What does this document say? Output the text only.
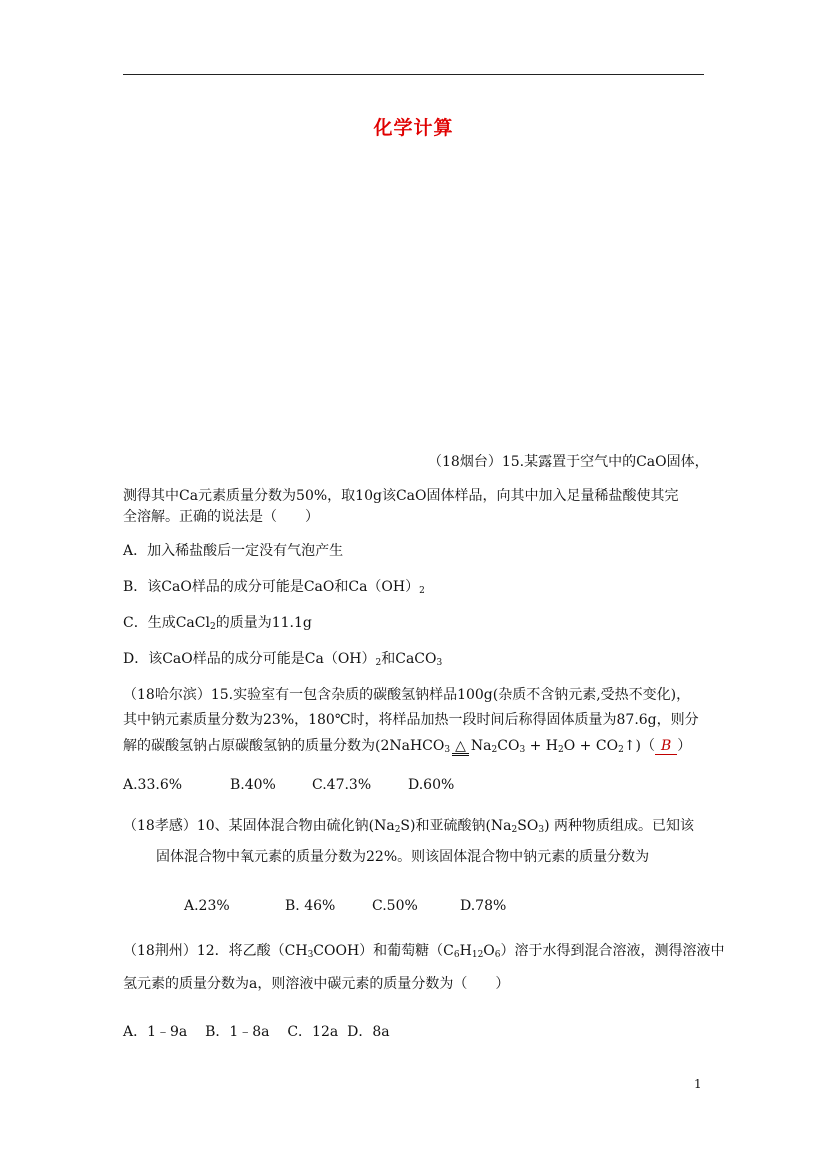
化学计算
（18烟台）15.某露置于空气中的CaO固体，
测得其中Ca元素质量分数为50%，取10g该CaO固体样品，向其中加入足量稀盐酸使其完
全溶解。正确的说法是（　　）
A．加入稀盐酸后一定没有气泡产生
B．该CaO样品的成分可能是CaO和$Ca(OH)_2$
C．生成CaCl$_2$的质量为11.1g
D．该CaO样品的成分可能是$Ca(OH)_2$和CaCO$_3$
（18哈尔滨）15.实验室有一包含杂质的碳酸氢钠样品100g(杂质不含钠元素,受热不变化)，
其中钠元素质量分数为23%，180℃时，将样品加热一段时间后称得固体质量为87.6g，则分
解的碳酸氢钠占原碳酸氢钠的质量分数为(2NaHCO$_3$ △ $Na_2CO_3 + H_2O$ + $CO_2↑$)（ B ）
A.33.6%	B.40%	C.47.3%	D.60%
（18孝感）10、某固体混合物由硫化钠$(Na_2S)$和亚硫酸钠$(Na_2SO_3)$ 两种物质组成。已知该
固体混合物中氧元素的质量分数为22%。则该固体混合物中钠元素的质量分数为
A.23%	B. 46%	C.50%	D.78%
（18荆州）12．将乙酸$(CH_3COOH)$和葡萄糖$(C_6H_{12}O_6)$溶于水得到混合溶液，测得溶液中
氢元素的质量分数为a，则溶液中碳元素的质量分数为（　　）
A．1﹣9a    B．1﹣8a    C．12a  D．8a
1
